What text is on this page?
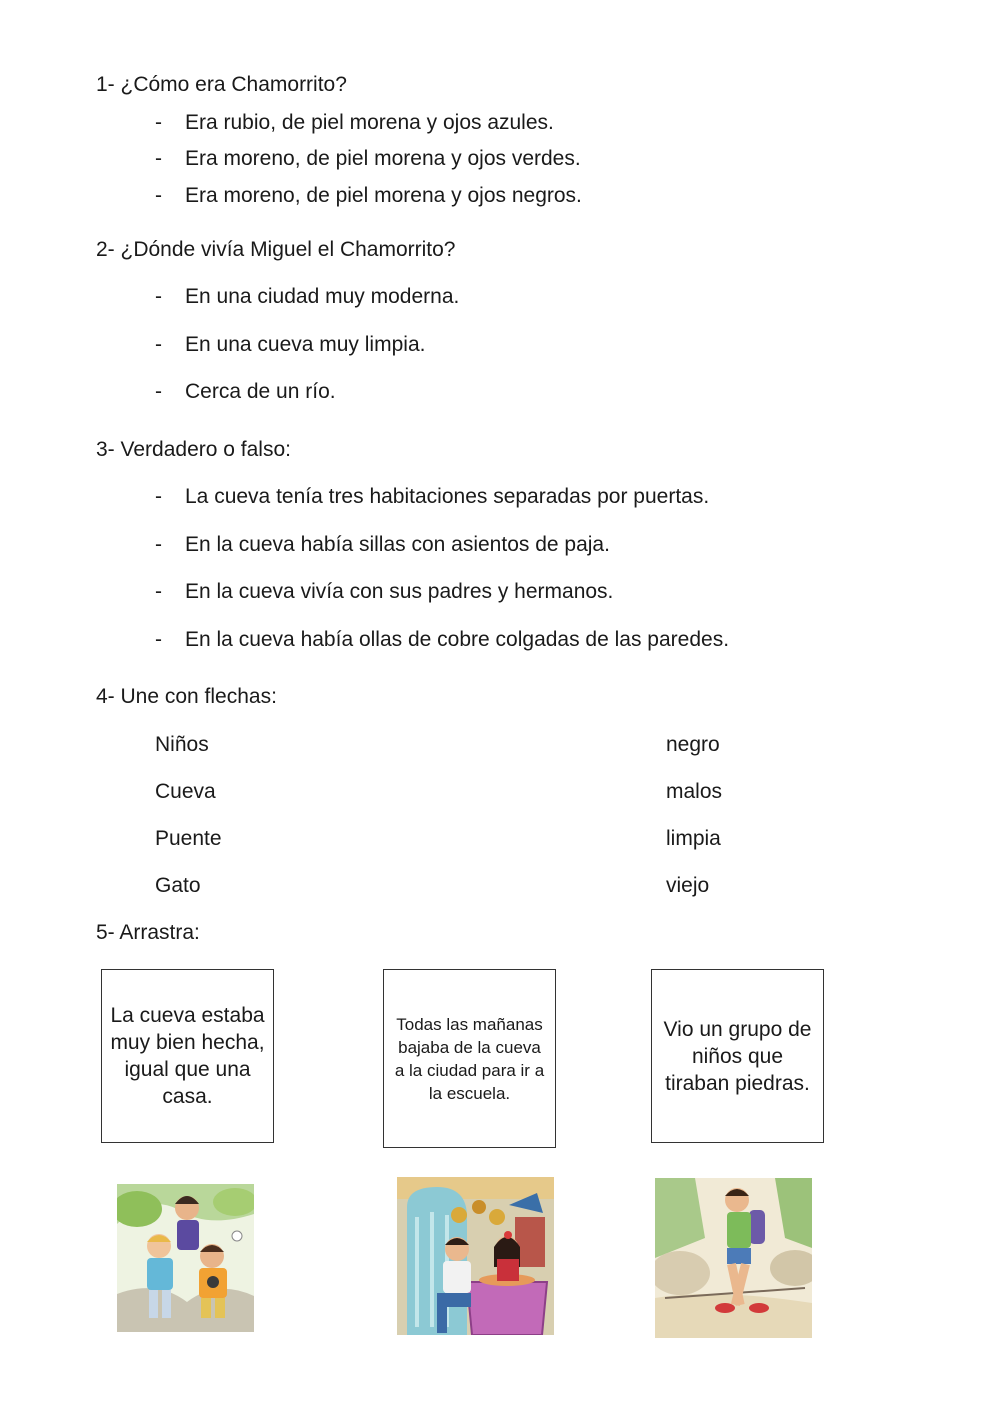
1- ¿Cómo era Chamorrito?
- Era rubio, de piel morena y ojos azules.
- Era moreno, de piel morena y ojos verdes.
- Era moreno, de piel morena y ojos negros.
2- ¿Dónde vivía Miguel el Chamorrito?
- En una ciudad muy moderna.
- En una cueva muy limpia.
- Cerca de un río.
3- Verdadero o falso:
- La cueva tenía tres habitaciones separadas por puertas.
- En la cueva había sillas con asientos de paja.
- En la cueva vivía con sus padres y hermanos.
- En la cueva había ollas de cobre colgadas de las paredes.
4- Une con flechas:
Niños
Cueva
Puente
Gato
negro
malos
limpia
viejo
5- Arrastra:
La cueva estaba muy bien hecha, igual que una casa.
Todas las mañanas bajaba de la cueva a la ciudad para ir a la escuela.
Vio un grupo de niños que tiraban piedras.
